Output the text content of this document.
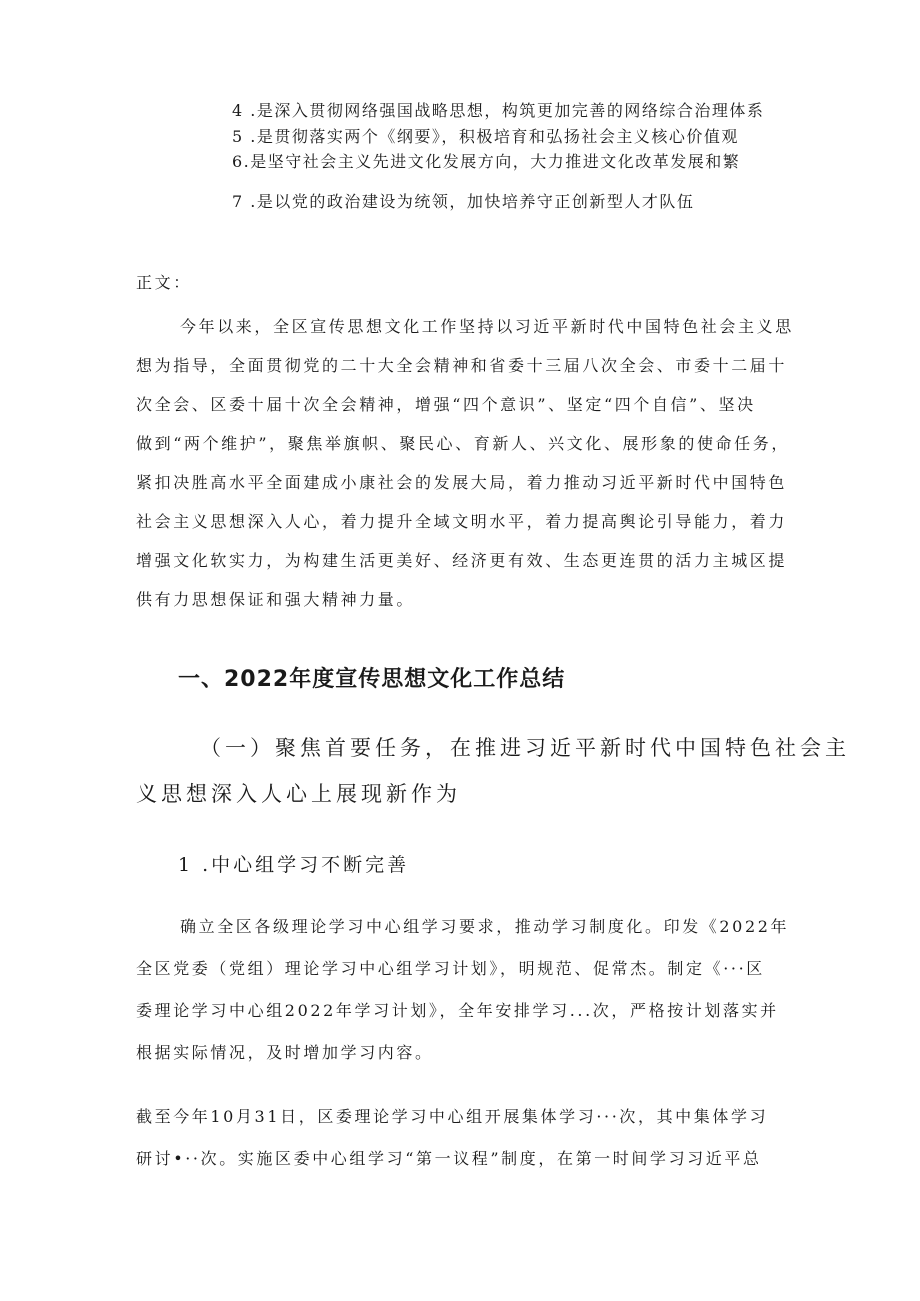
4 .是深入贯彻网络强国战略思想，构筑更加完善的网络综合治理体系
5 .是贯彻落实两个《纲要》，积极培育和弘扬社会主义核心价值观
6.是坚守社会主义先进文化发展方向，大力推进文化改革发展和繁
7 .是以党的政治建设为统领，加快培养守正创新型人才队伍
正文：
今年以来，全区宣传思想文化工作坚持以习近平新时代中国特色社会主义思
想为指导，全面贯彻党的二十大全会精神和省委十三届八次全会、市委十二届十
次全会、区委十届十次全会精神，增强“四个意识”、坚定“四个自信”、坚决
做到“两个维护”，聚焦举旗帜、聚民心、育新人、兴文化、展形象的使命任务，
紧扣决胜高水平全面建成小康社会的发展大局，着力推动习近平新时代中国特色
社会主义思想深入人心，着力提升全域文明水平，着力提高舆论引导能力，着力
增强文化软实力，为构建生活更美好、经济更有效、生态更连贯的活力主城区提
供有力思想保证和强大精神力量。
一、2022年度宣传思想文化工作总结
（一）聚焦首要任务，在推进习近平新时代中国特色社会主
义思想深入人心上展现新作为
1 .中心组学习不断完善
确立全区各级理论学习中心组学习要求，推动学习制度化。印发《2022年
全区党委（党组）理论学习中心组学习计划》，明规范、促常杰。制定《···区
委理论学习中心组2022年学习计划》，全年安排学习...次，严格按计划落实并
根据实际情况，及时增加学习内容。
截至今年10月31日，区委理论学习中心组开展集体学习···次，其中集体学习
研讨•··次。实施区委中心组学习“第一议程”制度，在第一时间学习习近平总
